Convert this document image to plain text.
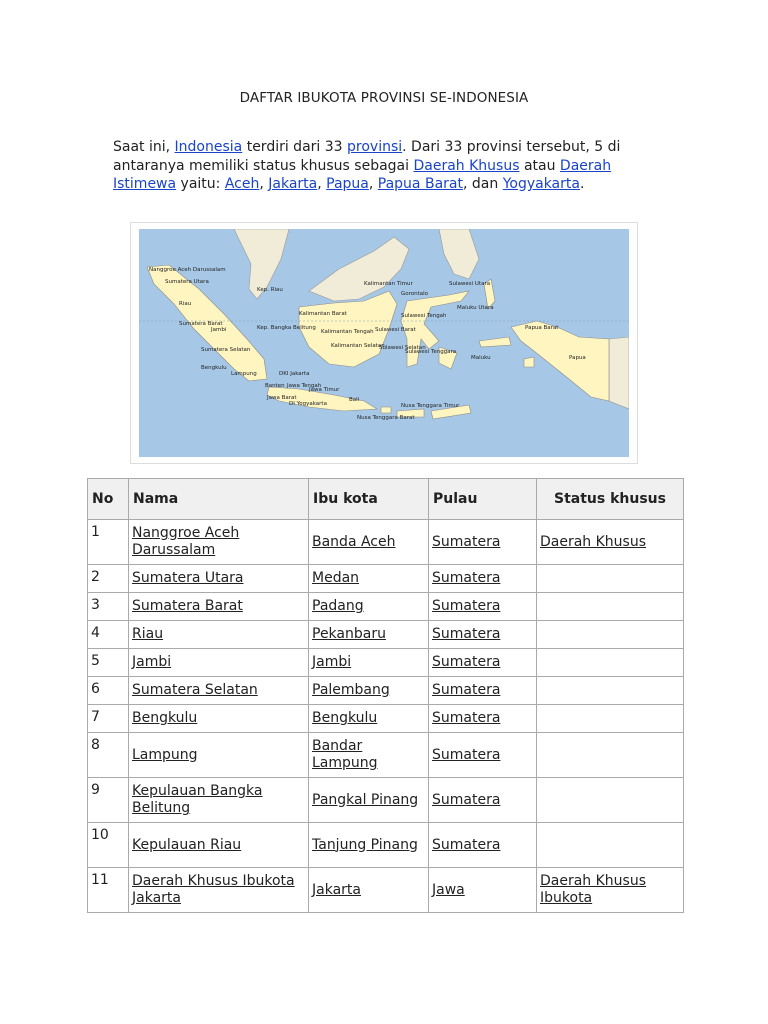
DAFTAR IBUKOTA PROVINSI SE-INDONESIA

Saat ini, Indonesia terdiri dari 33 provinsi. Dari 33 provinsi tersebut, 5 di antaranya memiliki status khusus sebagai Daerah Khusus atau Daerah Istimewa yaitu: Aceh, Jakarta, Papua, Papua Barat, dan Yogyakarta.

Nanggroe Aceh Darussalam
Sumatera Utara
Riau
Sumatera Barat
Jambi
Sumatera Selatan
Bengkulu
Lampung
Kep. Riau
Kep. Bangka Belitung
DKI Jakarta
Banten
Jawa Barat
Jawa Tengah
Jawa Timur
DI Yogyakarta
Bali
Nusa Tenggara Barat
Nusa Tenggara Timur
Kalimantan Barat
Kalimantan Tengah
Kalimantan Selatan
Kalimantan Timur	Sulawesi Utara
Gorontalo
Sulawesi Tengah
Sulawesi Barat
Sulawesi Selatan
Sulawesi Tenggara
Maluku Utara
Maluku
Papua Barat
Papua
No	Nama	Ibu kota	Pulau	Status khusus
1	Nanggroe Aceh Darussalam	Banda Aceh	Sumatera	Daerah Khusus
2	Sumatera Utara	Medan	Sumatera	
3	Sumatera Barat	Padang	Sumatera	
4	Riau	Pekanbaru	Sumatera	
5	Jambi	Jambi	Sumatera	
6	Sumatera Selatan	Palembang	Sumatera	
7	Bengkulu	Bengkulu	Sumatera	
8	Lampung	Bandar Lampung	Sumatera	
9	Kepulauan Bangka Belitung	Pangkal Pinang	Sumatera	
10	Kepulauan Riau	Tanjung Pinang	Sumatera	
11	Daerah Khusus Ibukota Jakarta	Jakarta	Jawa	Daerah Khusus Ibukota
